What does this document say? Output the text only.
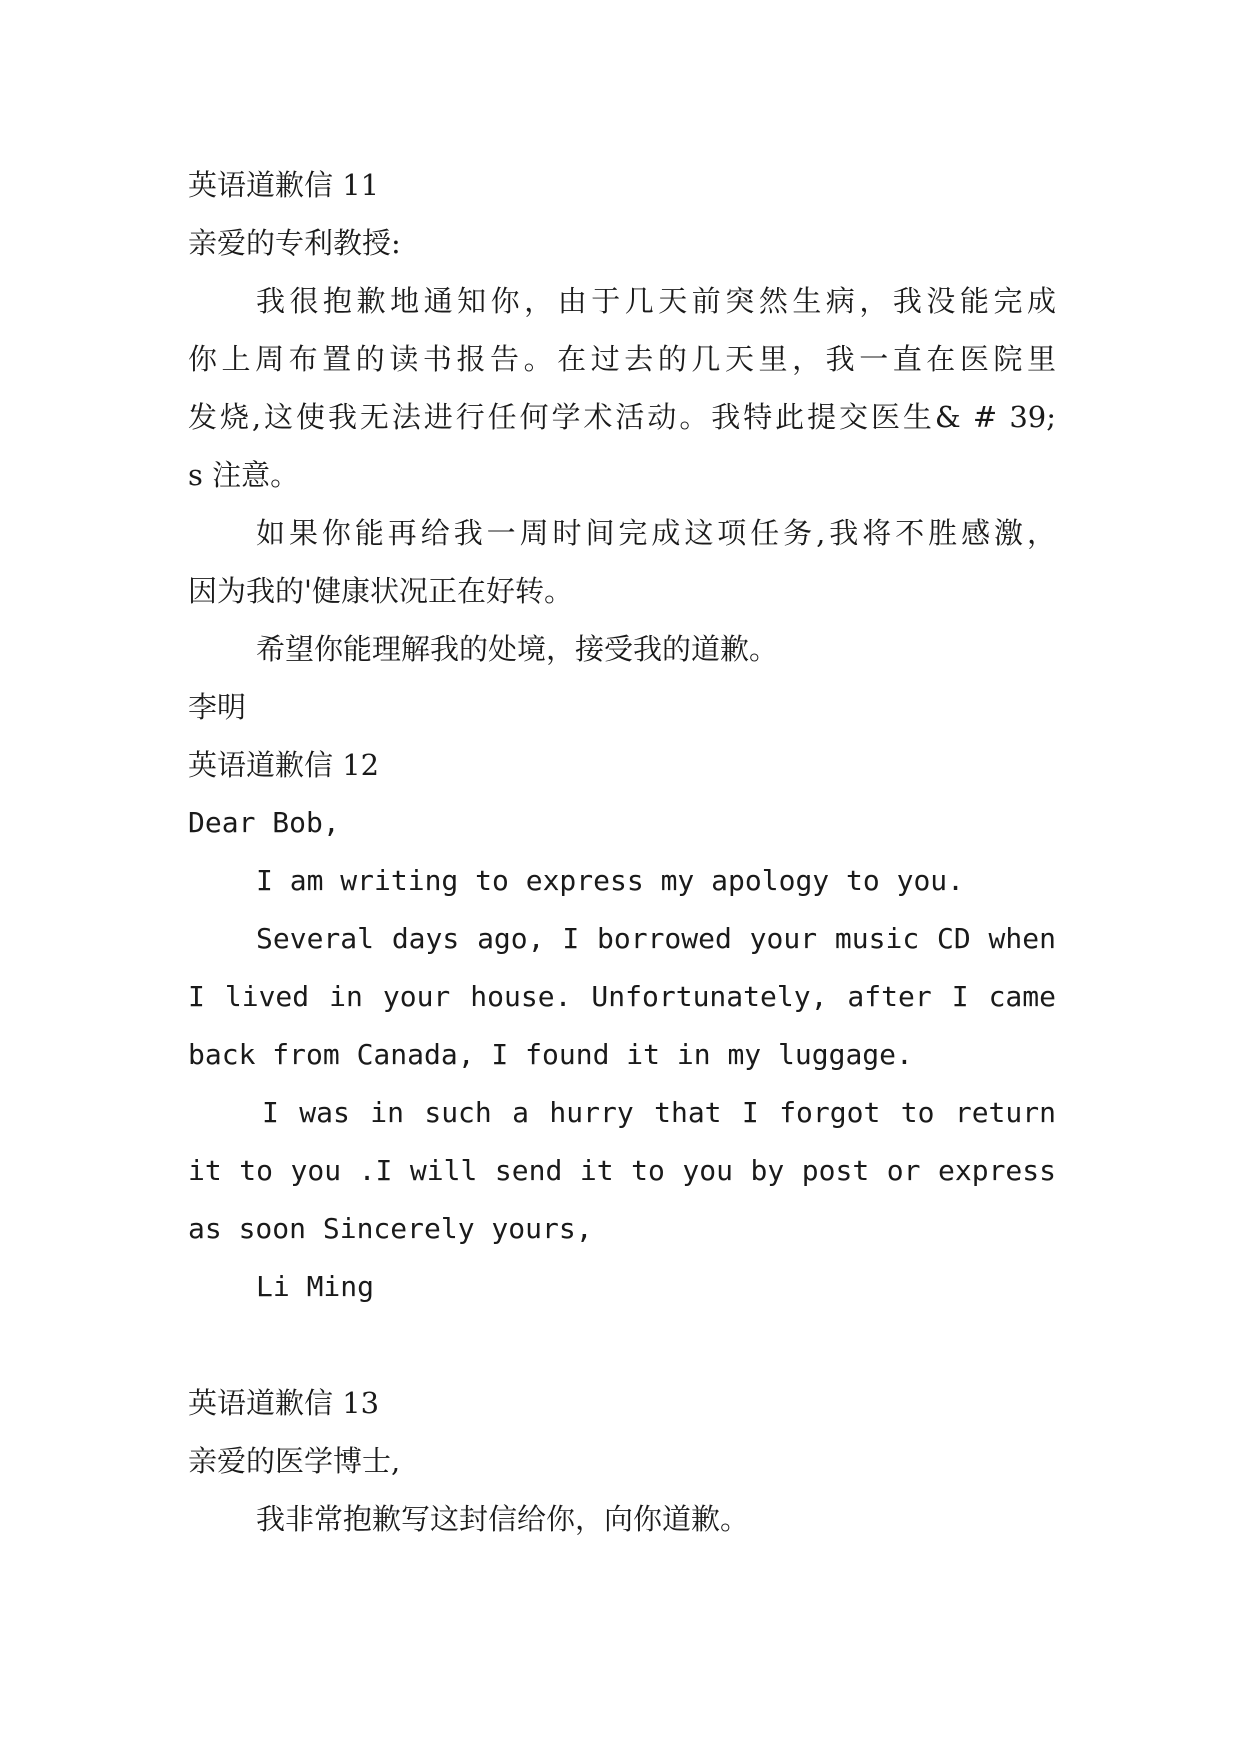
英语道歉信 11
亲爱的专利教授:
我很抱歉地通知你，由于几天前突然生病，我没能完成
你上周布置的读书报告。在过去的几天里，我一直在医院里
发烧,这使我无法进行任何学术活动。我特此提交医生& # 39;
s 注意。
如果你能再给我一周时间完成这项任务,我将不胜感激，
因为我的'健康状况正在好转。
希望你能理解我的处境，接受我的道歉。
李明
英语道歉信 12
Dear Bob,
I am writing to express my apology to you.
Several days ago, I borrowed your music CD when
I lived in your house. Unfortunately, after I came
back from Canada, I found it in my luggage.
I was in such a hurry that I forgot to return
it to you .I will send it to you by post or express
as soon Sincerely yours,
Li Ming
英语道歉信 13
亲爱的医学博士,
我非常抱歉写这封信给你，向你道歉。
